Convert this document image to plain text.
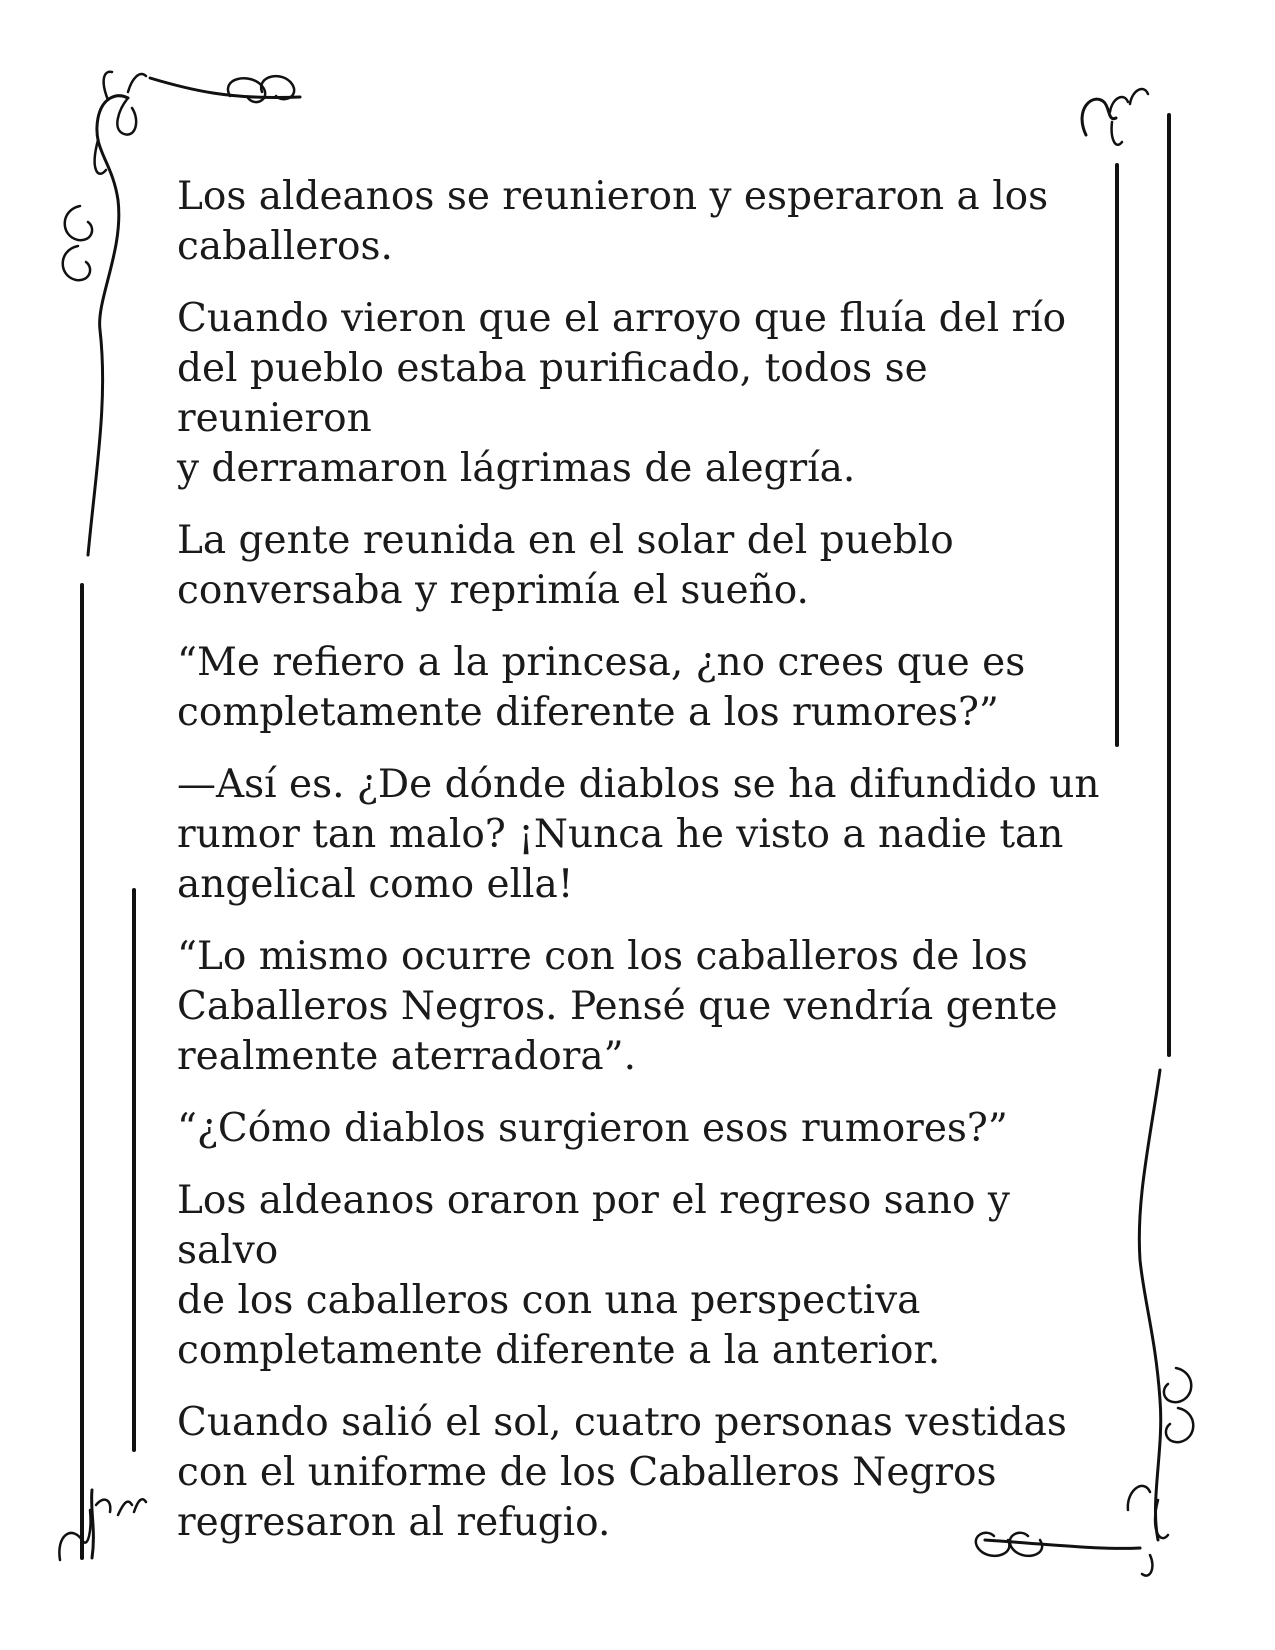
Los aldeanos se reunieron y esperaron a los
caballeros.

Cuando vieron que el arroyo que fluía del río
del pueblo estaba purificado, todos se reunieron
y derramaron lágrimas de alegría.

La gente reunida en el solar del pueblo
conversaba y reprimía el sueño.

“Me refiero a la princesa, ¿no crees que es
completamente diferente a los rumores?”

—Así es. ¿De dónde diablos se ha difundido un
rumor tan malo? ¡Nunca he visto a nadie tan
angelical como ella!

“Lo mismo ocurre con los caballeros de los
Caballeros Negros. Pensé que vendría gente
realmente aterradora”.

“¿Cómo diablos surgieron esos rumores?”

Los aldeanos oraron por el regreso sano y salvo
de los caballeros con una perspectiva
completamente diferente a la anterior.

Cuando salió el sol, cuatro personas vestidas
con el uniforme de los Caballeros Negros
regresaron al refugio.
